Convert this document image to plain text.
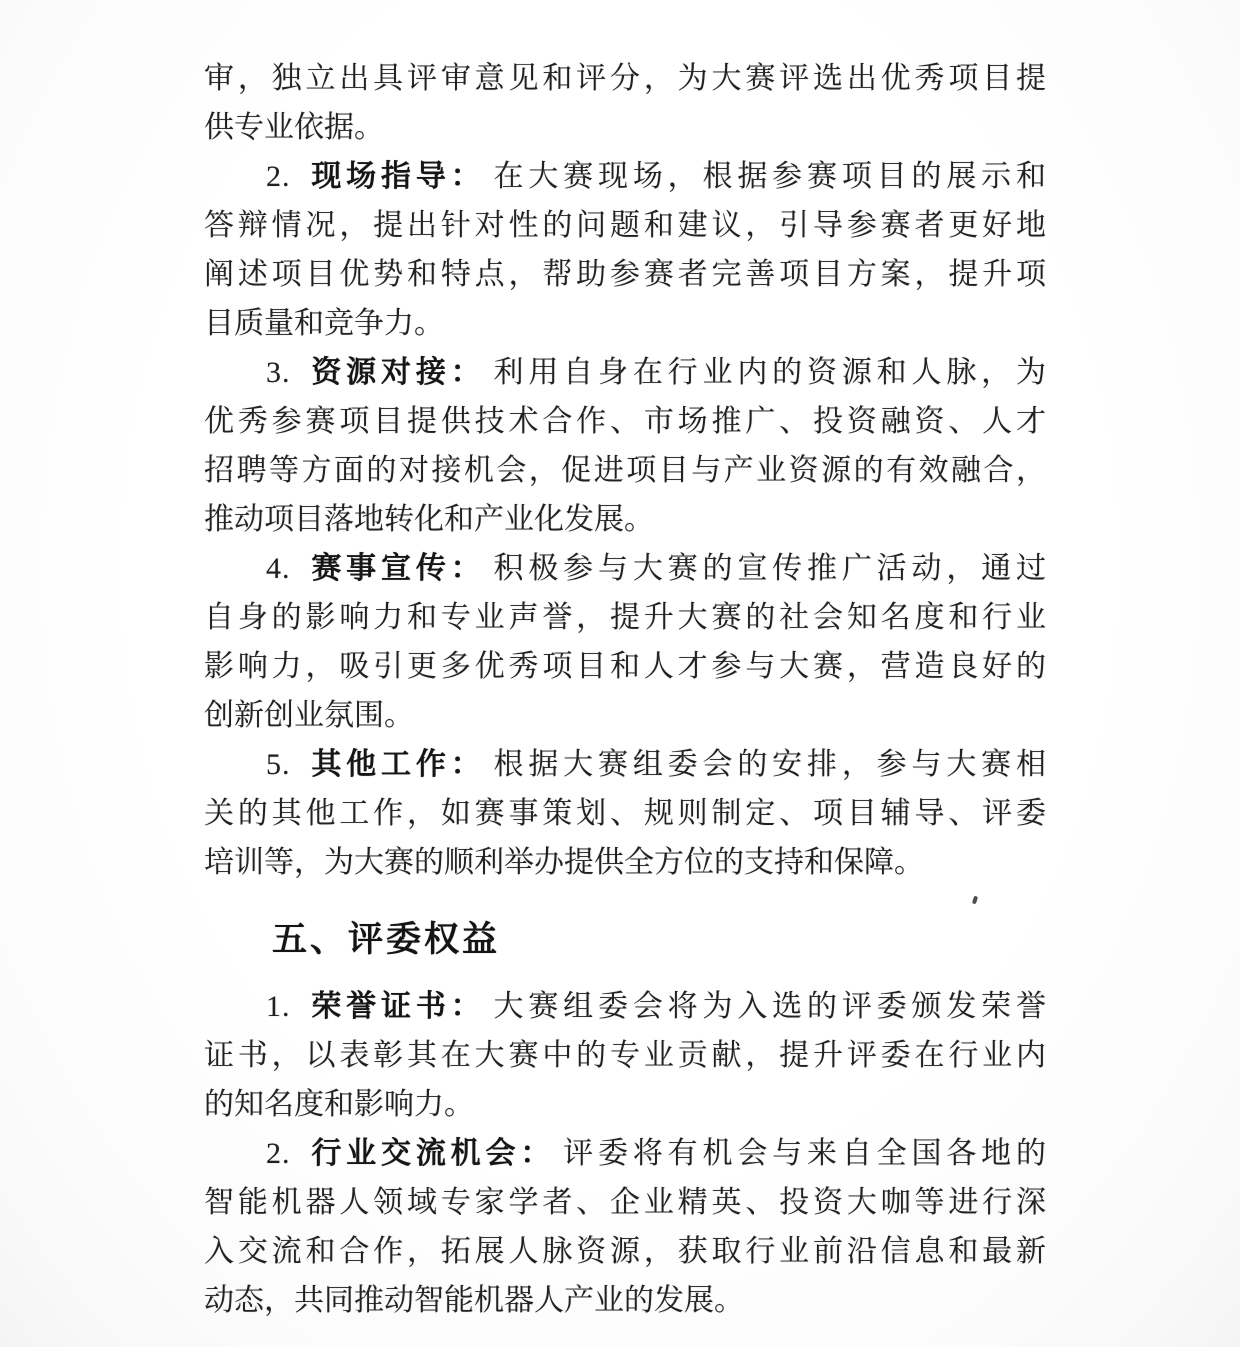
审，独立出具评审意见和评分，为大赛评选出优秀项目提
供专业依据。
2. 现场指导： 在大赛现场，根据参赛项目的展示和
答辩情况，提出针对性的问题和建议，引导参赛者更好地
阐述项目优势和特点，帮助参赛者完善项目方案，提升项
目质量和竞争力。
3. 资源对接： 利用自身在行业内的资源和人脉，为
优秀参赛项目提供技术合作、市场推广、投资融资、人才
招聘等方面的对接机会，促进项目与产业资源的有效融合，
推动项目落地转化和产业化发展。
4. 赛事宣传： 积极参与大赛的宣传推广活动，通过
自身的影响力和专业声誉，提升大赛的社会知名度和行业
影响力，吸引更多优秀项目和人才参与大赛，营造良好的
创新创业氛围。
5. 其他工作： 根据大赛组委会的安排，参与大赛相
关的其他工作，如赛事策划、规则制定、项目辅导、评委
培训等，为大赛的顺利举办提供全方位的支持和保障。
五、评委权益
1. 荣誉证书： 大赛组委会将为入选的评委颁发荣誉
证书，以表彰其在大赛中的专业贡献，提升评委在行业内
的知名度和影响力。
2. 行业交流机会： 评委将有机会与来自全国各地的
智能机器人领域专家学者、企业精英、投资大咖等进行深
入交流和合作，拓展人脉资源，获取行业前沿信息和最新
动态，共同推动智能机器人产业的发展。
